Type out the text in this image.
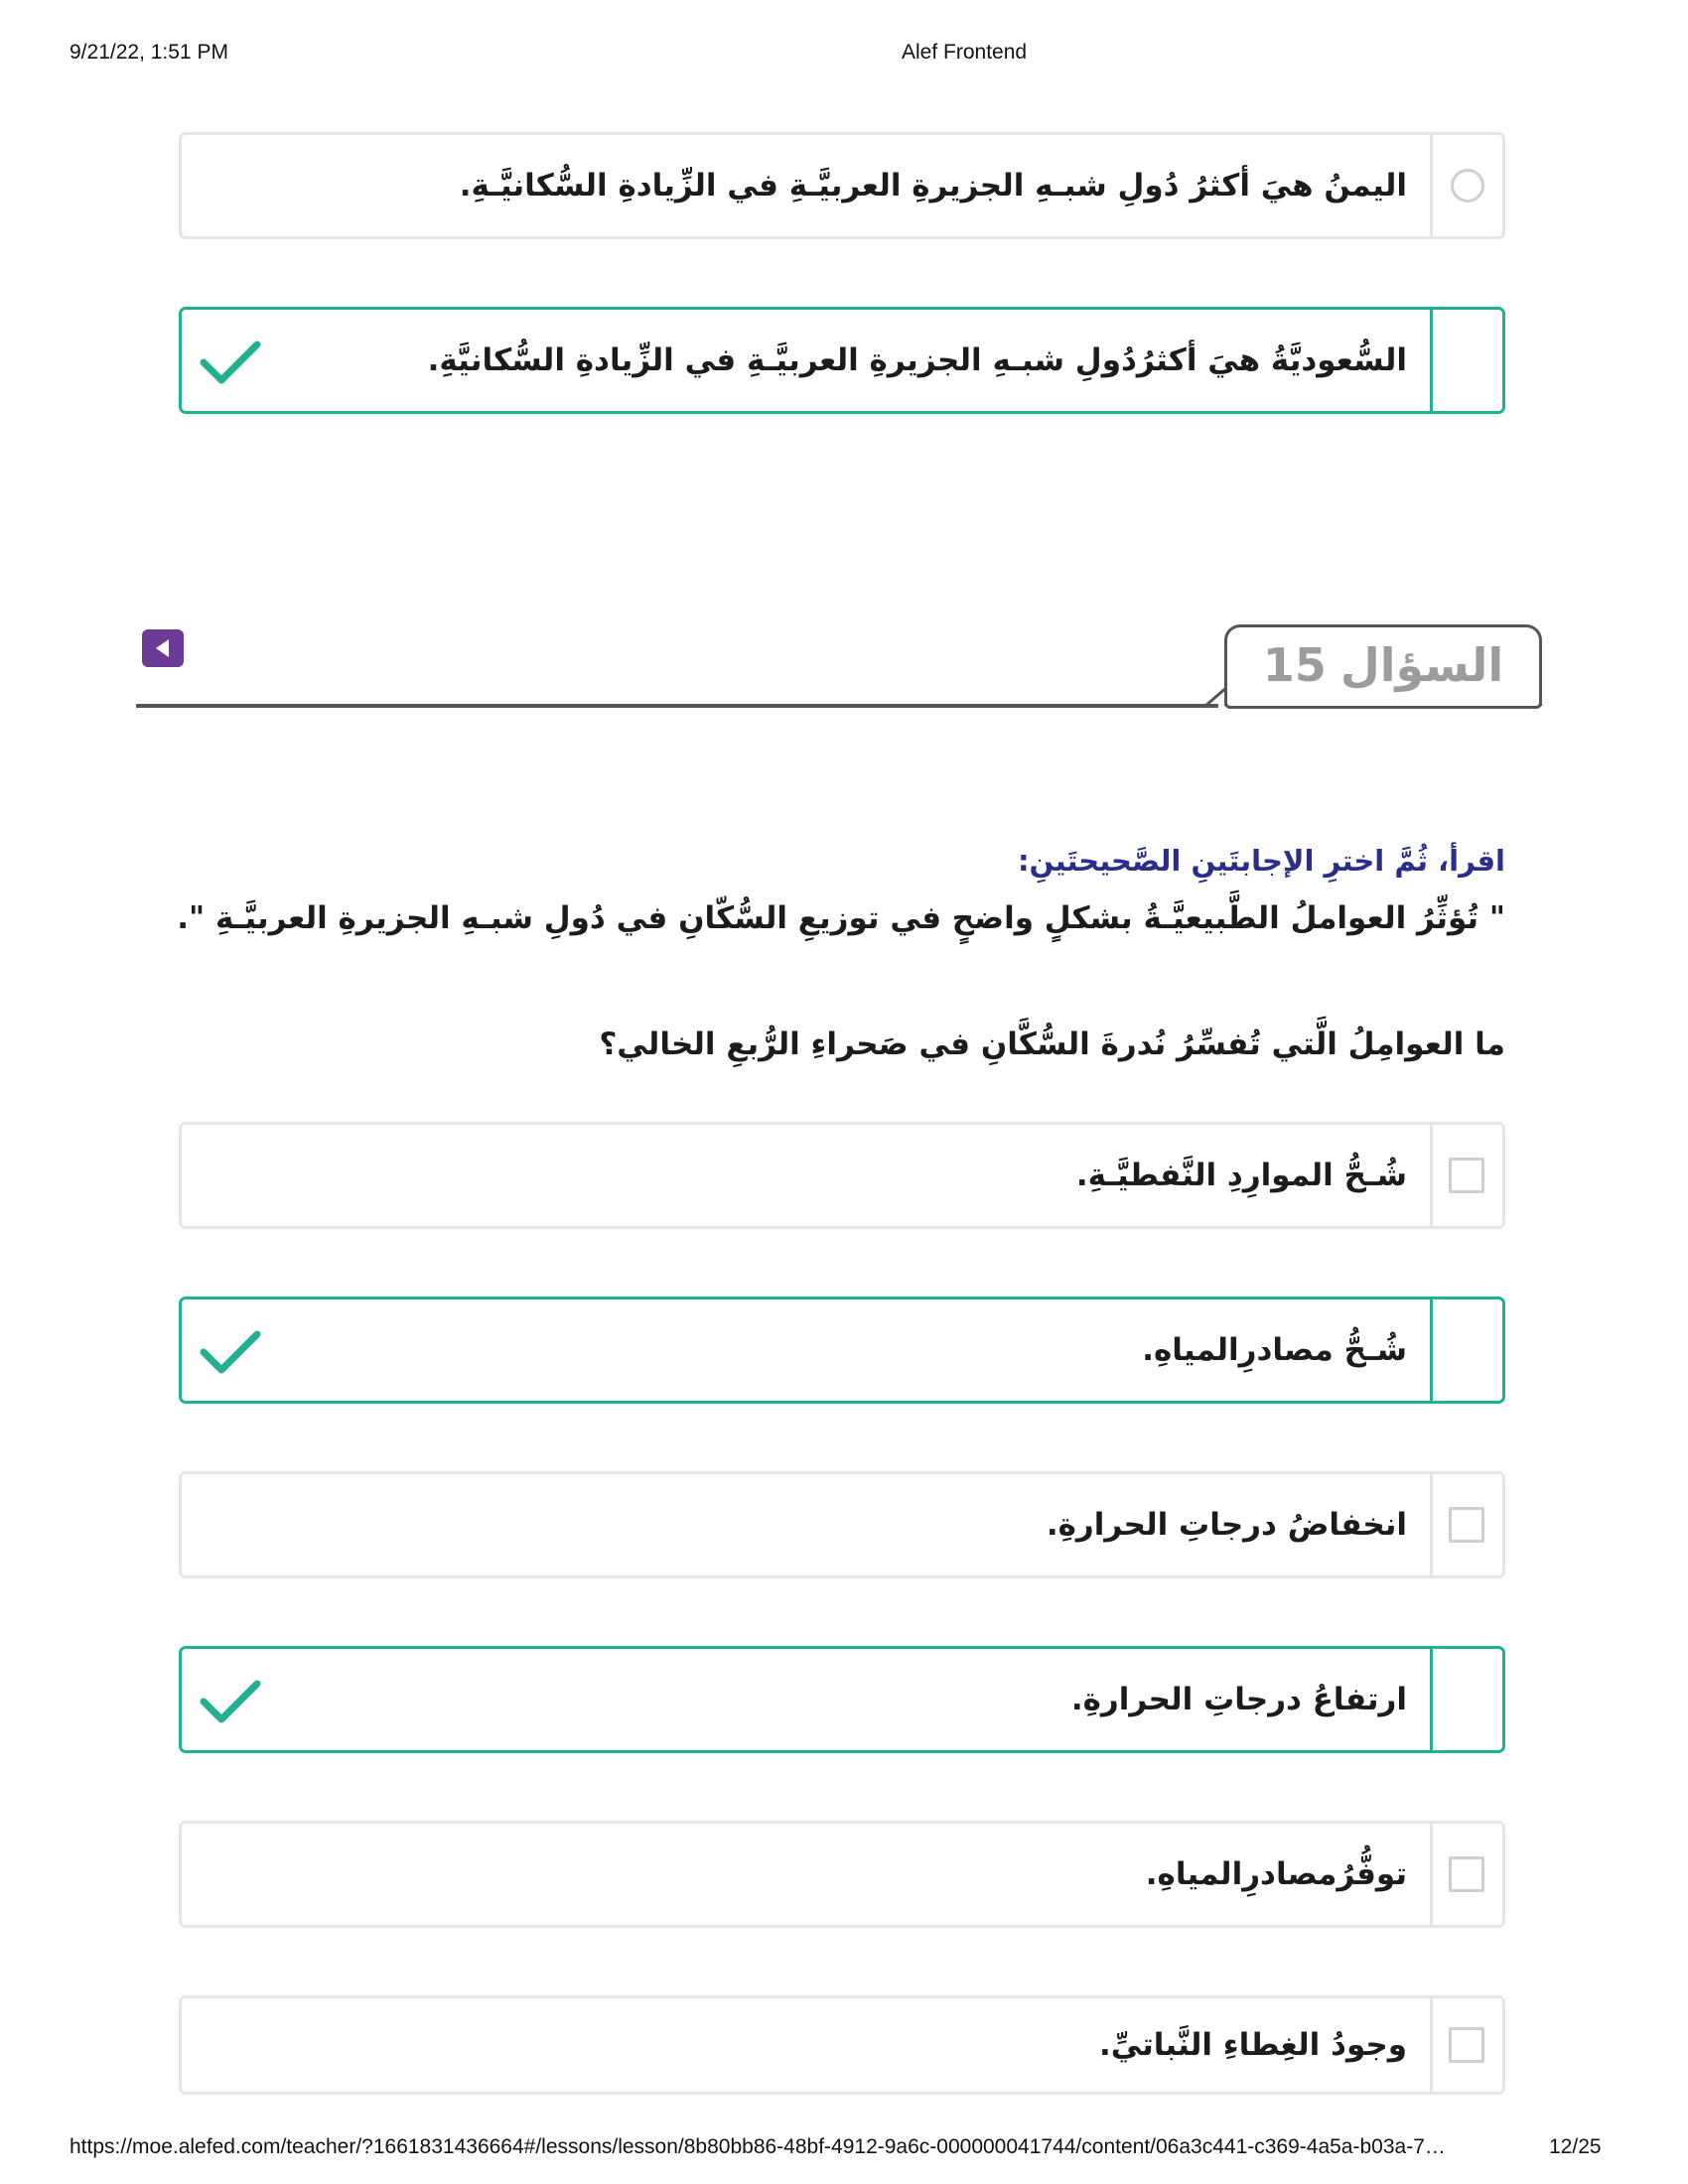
9/21/22, 1:51 PM	Alef Frontend
اليمنُ هيَ أكثرُ دُولِ شبـهِ الجزيرةِ العربيَّـةِ في الزِّيادةِ السُّكانيَّـةِ.
السُّعوديَّةُ هيَ أكثرُدُولِ شبـهِ الجزيرةِ العربيَّـةِ في الزِّيادةِ السُّكانيَّةِ.
السؤال
15
اقرأ، ثُمَّ اخترِ الإجابتَينِ الصَّحيحتَينِ:
" تُؤثِّرُ العواملُ الطَّبيعيَّـةُ بشكلٍ واضحٍ في توزيعِ السُّكّانِ في دُولِ شبـهِ الجزيرةِ العربيَّـةِ ".
ما العوامِلُ الَّتي تُفسِّرُ نُدرةَ السُّكَّانِ في صَحراءِ الرُّبعِ الخالي؟
شُـحُّ الموارِدِ النَّفطيَّـةِ.
شُـحُّ مصادرِالمياهِ.
انخفاضُ درجاتِ الحرارةِ.
ارتفاعُ درجاتِ الحرارةِ.
توفُّرُمصادرِالمياهِ.
وجودُ الغِطاءِ النَّباتيِّ.
https://moe.alefed.com/teacher/?1661831436664#/lessons/lesson/8b80bb86-48bf-4912-9a6c-000000041744/content/06a3c441-c369-4a5a-b03a-7…	12/25
